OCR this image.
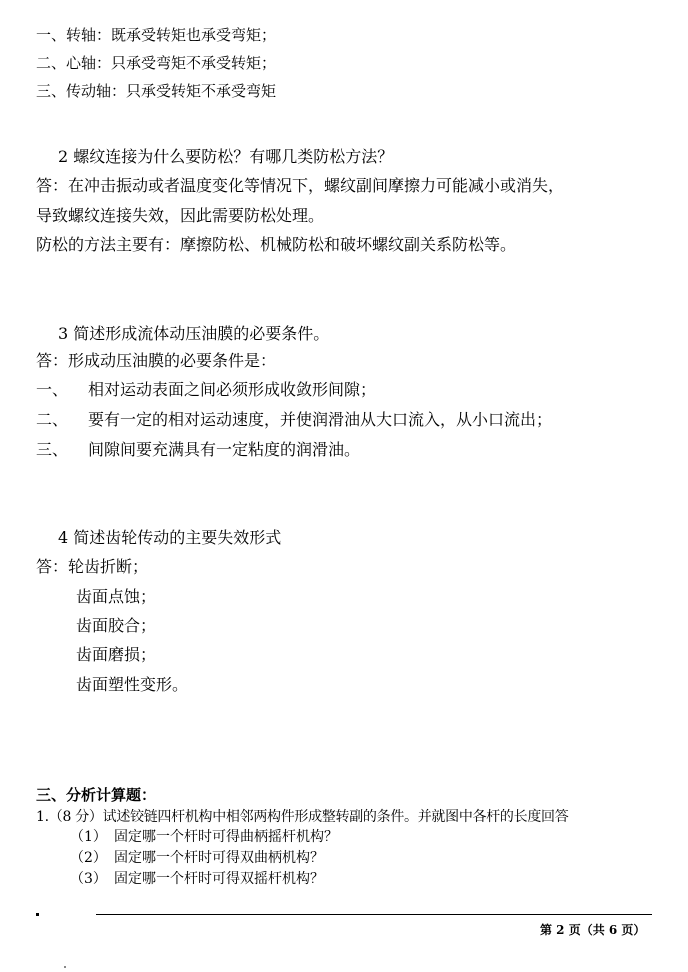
一、转轴：既承受转矩也承受弯矩；
二、心轴：只承受弯矩不承受转矩；
三、传动轴：只承受转矩不承受弯矩
2 螺纹连接为什么要防松？有哪几类防松方法？
答：在冲击振动或者温度变化等情况下，螺纹副间摩擦力可能减小或消失，
导致螺纹连接失效，因此需要防松处理。
防松的方法主要有：摩擦防松、机械防松和破坏螺纹副关系防松等。
3 简述形成流体动压油膜的必要条件。
答：形成动压油膜的必要条件是：
一、 相对运动表面之间必须形成收敛形间隙；
二、 要有一定的相对运动速度，并使润滑油从大口流入，从小口流出；
三、 间隙间要充满具有一定粘度的润滑油。
4 简述齿轮传动的主要失效形式
答：轮齿折断；
齿面点蚀；
齿面胶合；
齿面磨损；
齿面塑性变形。
三、分析计算题：
1.（8 分）试述铰链四杆机构中相邻两构件形成整转副的条件。并就图中各杆的长度回答
（1） 固定哪一个杆时可得曲柄摇杆机构？
（2） 固定哪一个杆时可得双曲柄机构？
（3） 固定哪一个杆时可得双摇杆机构？
第 2 页（共 6 页）
